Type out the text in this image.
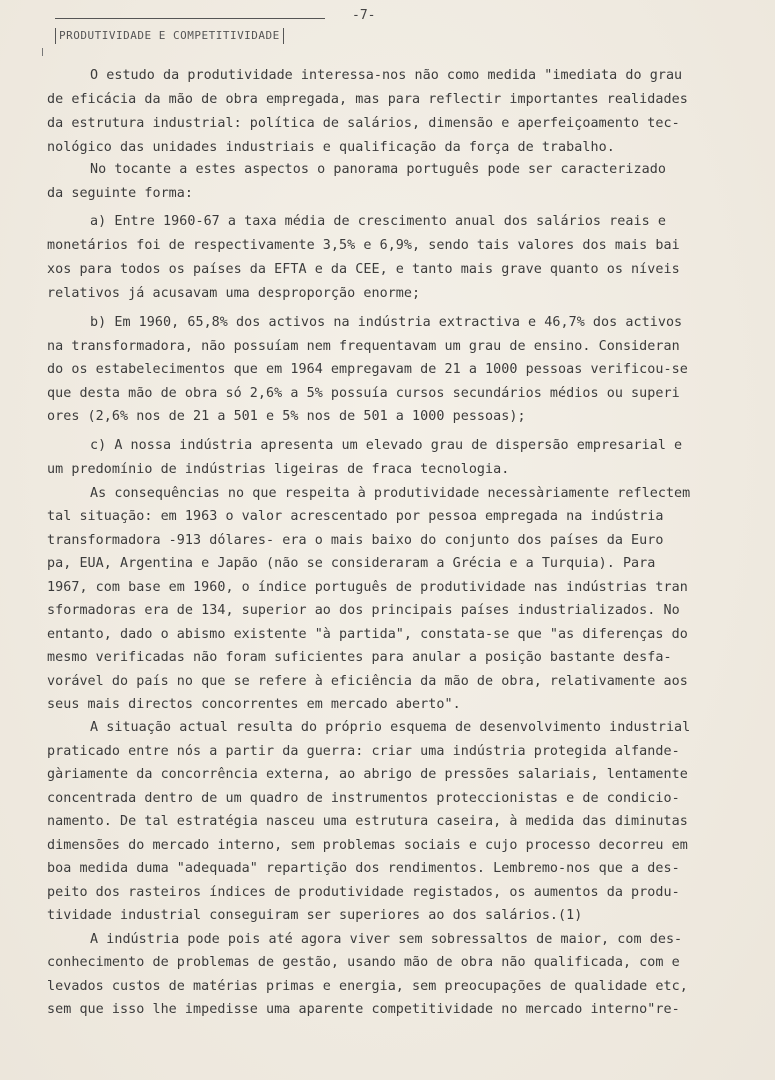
-7-
PRODUTIVIDADE E COMPETITIVIDADE
O estudo da produtividade interessa-nos não como medida "imediata do grau
de eficácia da mão de obra empregada, mas para reflectir importantes realidades
da estrutura industrial: política de salários, dimensão e aperfeiçoamento tec-
nológico das unidades industriais e qualificação da força de trabalho.
No tocante a estes aspectos o panorama português pode ser caracterizado
da seguinte forma:
a) Entre 1960-67 a taxa média de crescimento anual dos salários reais e
monetários foi de respectivamente 3,5% e 6,9%, sendo tais valores dos mais bai
xos para todos os países da EFTA e da CEE, e tanto mais grave quanto os níveis
relativos já acusavam uma desproporção enorme;
b) Em 1960, 65,8% dos activos na indústria extractiva e 46,7% dos activos
na transformadora, não possuíam nem frequentavam um grau de ensino. Consideran
do os estabelecimentos que em 1964 empregavam de 21 a 1000 pessoas verificou-se
que desta mão de obra só 2,6% a 5% possuía cursos secundários médios ou superi
ores (2,6% nos de 21 a 501 e 5% nos de 501 a 1000 pessoas);
c) A nossa indústria apresenta um elevado grau de dispersão empresarial e
um predomínio de indústrias ligeiras de fraca tecnologia.
As consequências no que respeita à produtividade necessàriamente reflectem
tal situação: em 1963 o valor acrescentado por pessoa empregada na indústria
transformadora -913 dólares- era o mais baixo do conjunto dos países da Euro
pa, EUA, Argentina e Japão (não se consideraram a Grécia e a Turquia). Para
1967, com base em 1960, o índice português de produtividade nas indústrias tran
sformadoras era de 134, superior ao dos principais países industrializados. No
entanto, dado o abismo existente "à partida", constata-se que "as diferenças do
mesmo verificadas não foram suficientes para anular a posição bastante desfa-
vorável do país no que se refere à eficiência da mão de obra, relativamente aos
seus mais directos concorrentes em mercado aberto".
A situação actual resulta do próprio esquema de desenvolvimento industrial
praticado entre nós a partir da guerra: criar uma indústria protegida alfande-
gàriamente da concorrência externa, ao abrigo de pressões salariais, lentamente
concentrada dentro de um quadro de instrumentos proteccionistas e de condicio-
namento. De tal estratégia nasceu uma estrutura caseira, à medida das diminutas
dimensões do mercado interno, sem problemas sociais e cujo processo decorreu em
boa medida duma "adequada" repartição dos rendimentos. Lembremo-nos que a des-
peito dos rasteiros índices de produtividade registados, os aumentos da produ-
tividade industrial conseguiram ser superiores ao dos salários.(1)
A indústria pode pois até agora viver sem sobressaltos de maior, com des-
conhecimento de problemas de gestão, usando mão de obra não qualificada, com e
levados custos de matérias primas e energia, sem preocupações de qualidade etc,
sem que isso lhe impedisse uma aparente competitividade no mercado interno"re-
